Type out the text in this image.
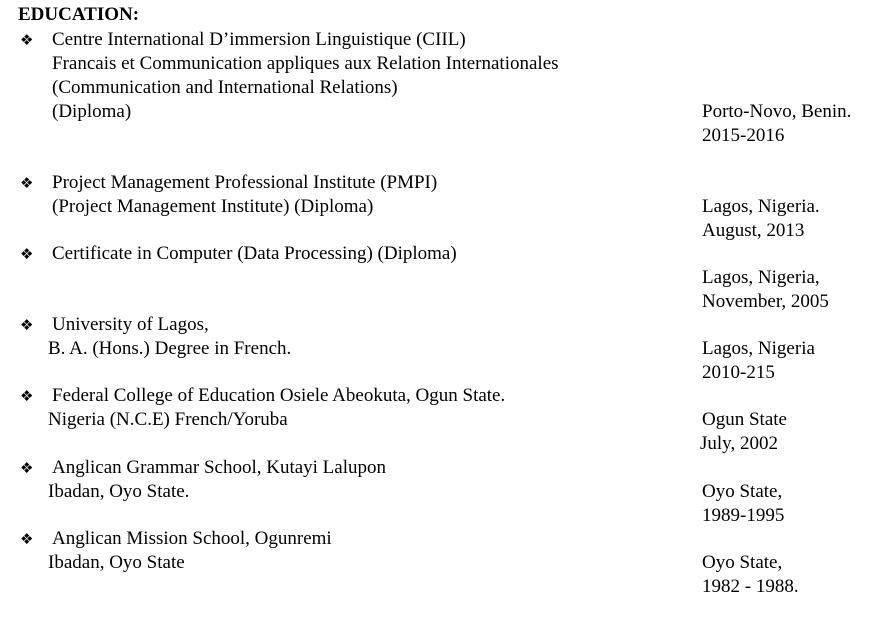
EDUCATION:
❖ Centre International D’immersion Linguistique (CIIL)
Francais et Communication appliques aux Relation Internationales
(Communication and International Relations)
(Diploma)	Porto-Novo, Benin.
2015-2016
❖ Project Management Professional Institute (PMPI)
(Project Management Institute) (Diploma)	Lagos, Nigeria.
August, 2013
❖ Certificate in Computer (Data Processing) (Diploma)
Lagos, Nigeria,
November, 2005
❖ University of Lagos,
B. A. (Hons.) Degree in French.	Lagos, Nigeria
2010-215
❖ Federal College of Education Osiele Abeokuta, Ogun State.
Nigeria (N.C.E) French/Yoruba	Ogun State
July, 2002
❖ Anglican Grammar School, Kutayi Lalupon
Ibadan, Oyo State.	Oyo State,
1989-1995
❖ Anglican Mission School, Ogunremi
Ibadan, Oyo State	Oyo State,
1982 - 1988.
